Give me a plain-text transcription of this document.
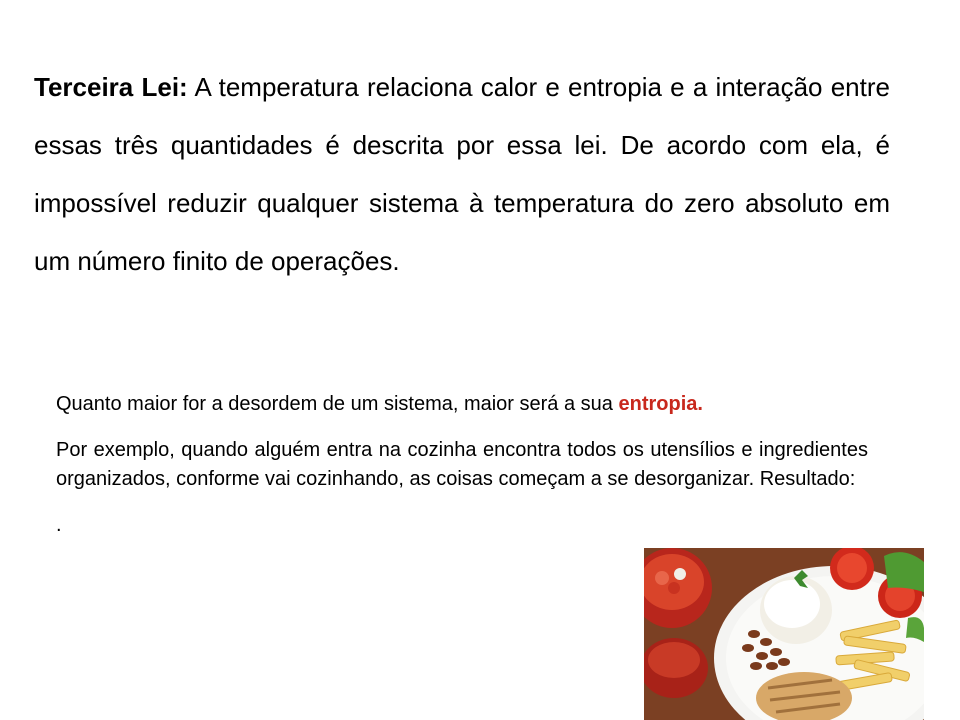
Terceira Lei: A temperatura relaciona calor e entropia e a interação entre essas três quantidades é descrita por essa lei. De acordo com ela, é impossível reduzir qualquer sistema à temperatura do zero absoluto em um número finito de operações.

Quanto maior for a desordem de um sistema, maior será a sua entropia.

Por exemplo, quando alguém entra na cozinha encontra todos os utensílios e ingredientes organizados, conforme vai cozinhando, as coisas começam a se desorganizar. Resultado:

.
